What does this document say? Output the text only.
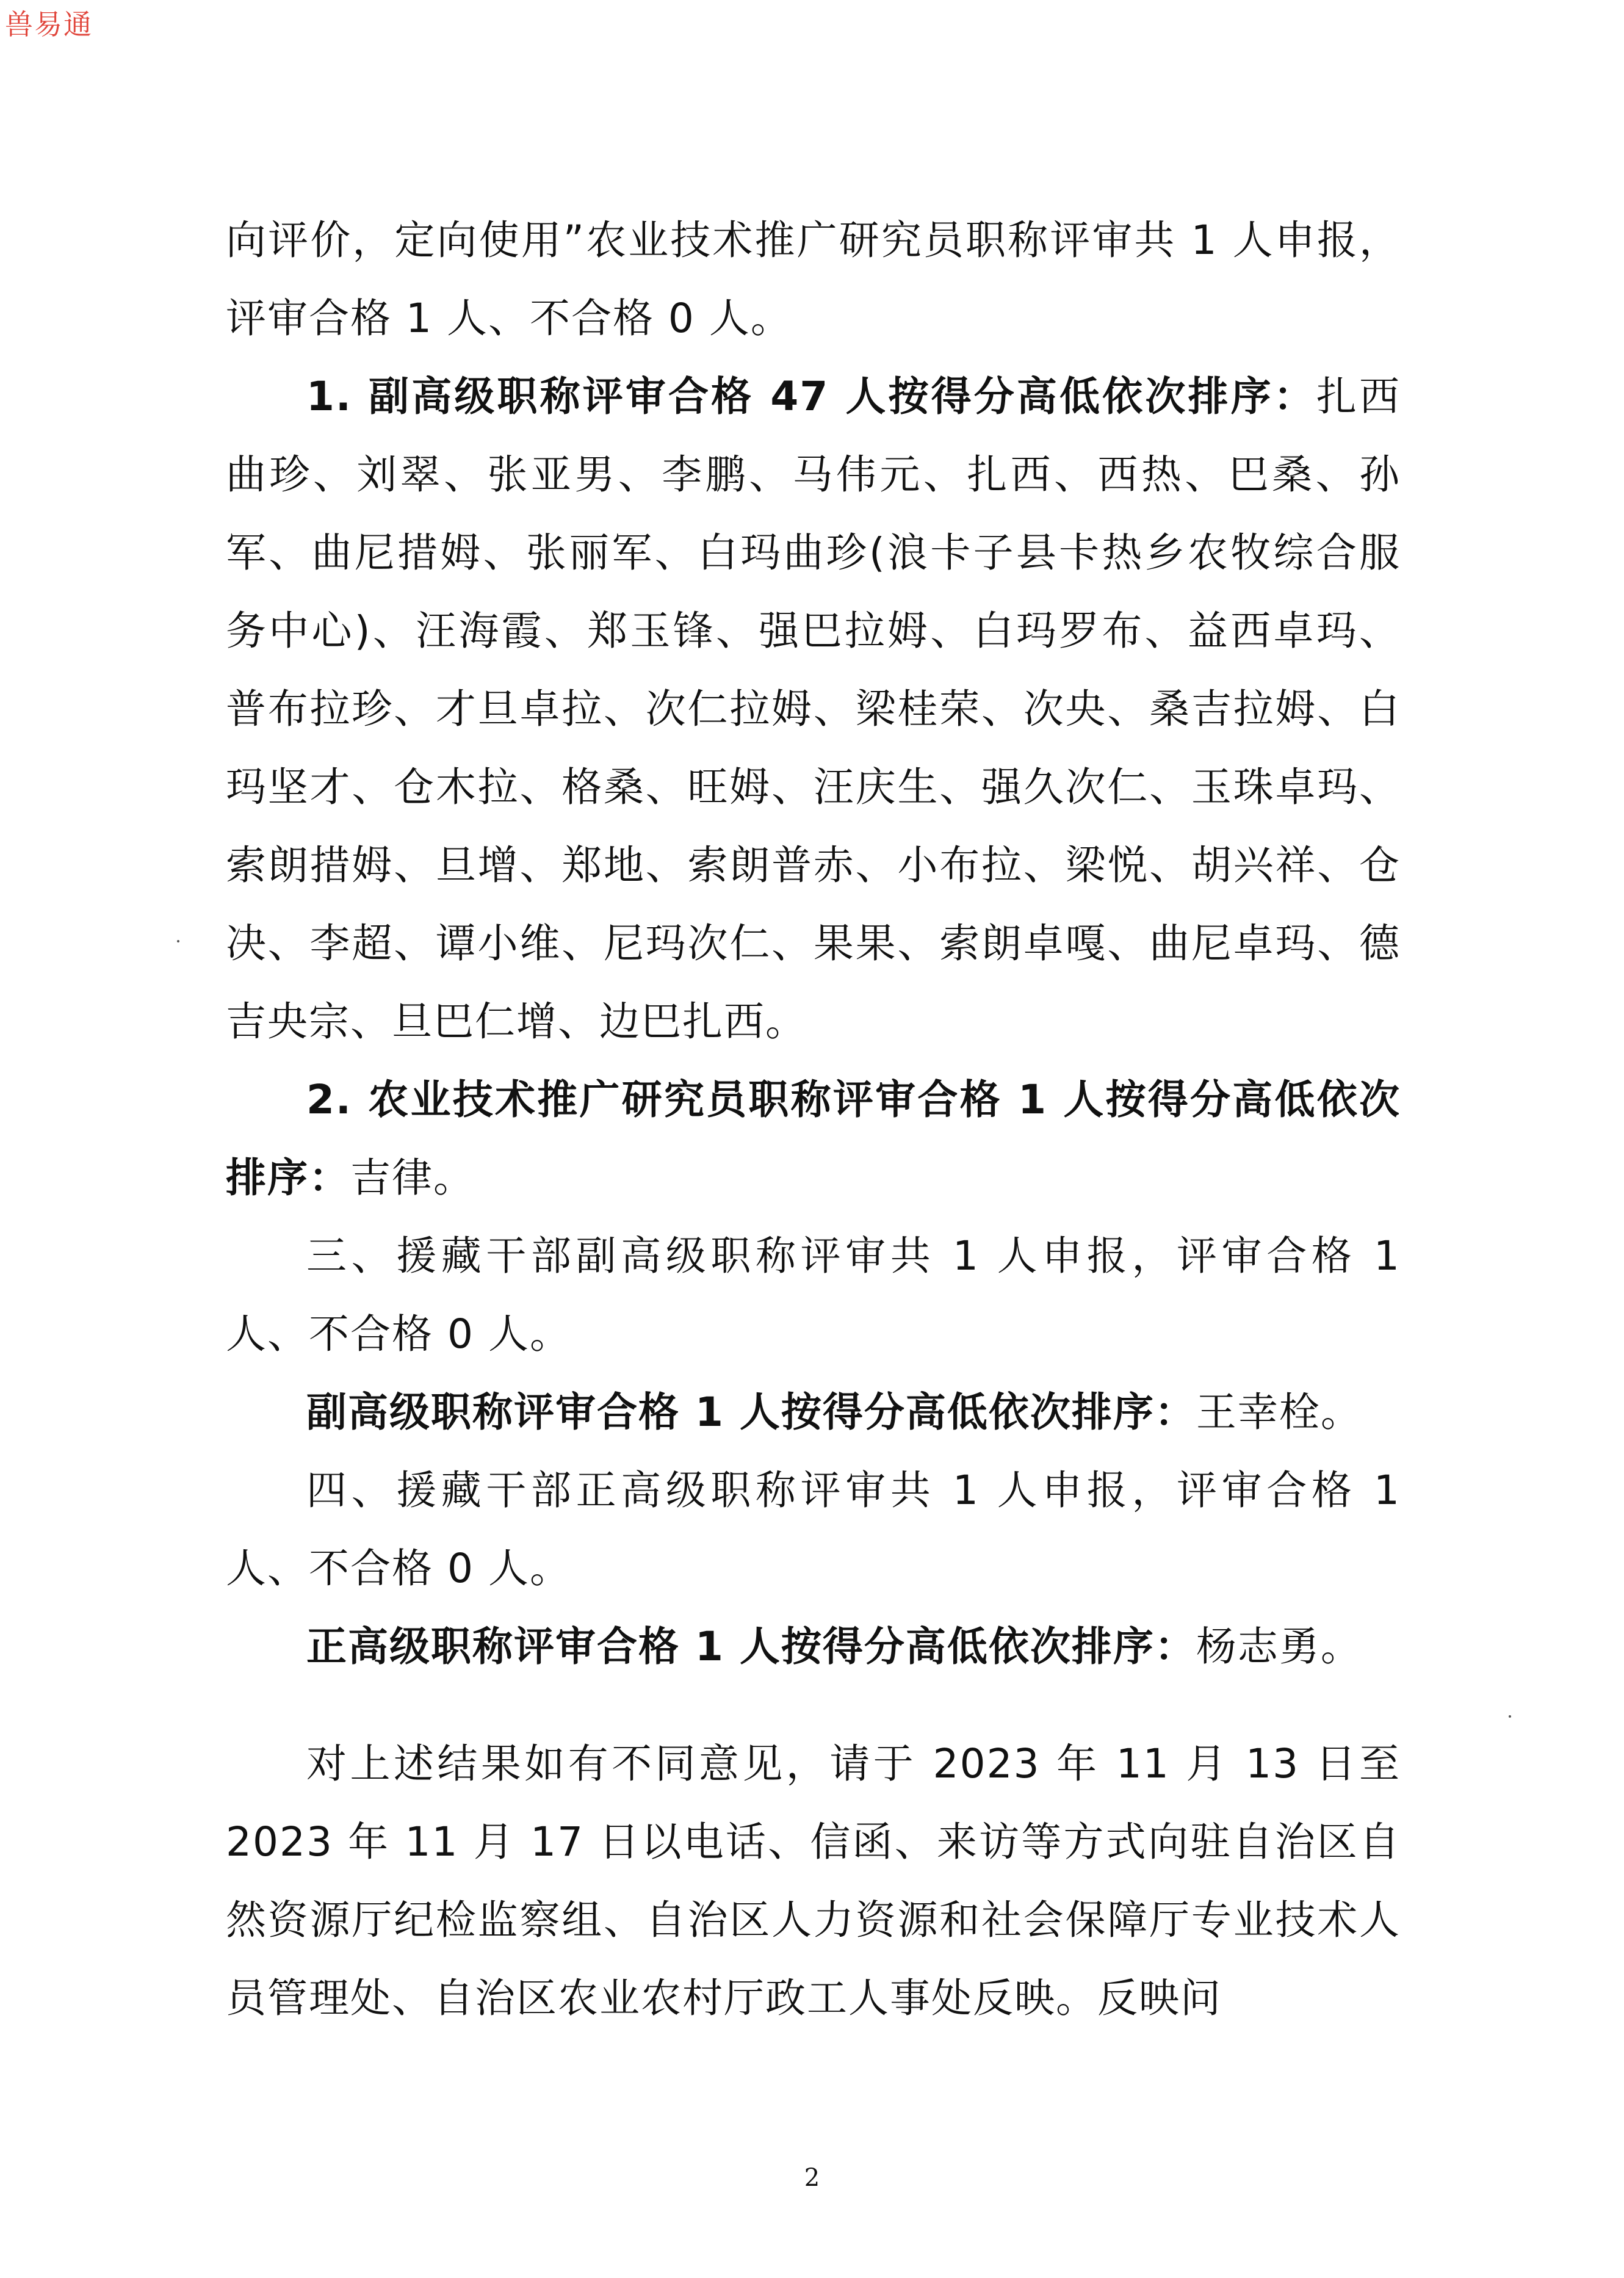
兽易通

向评价，定向使用”农业技术推广研究员职称评审共 1 人申报，评审合格 1 人、不合格 0 人。

1. 副高级职称评审合格 47 人按得分高低依次排序：扎西曲珍、刘翠、张亚男、李鹏、马伟元、扎西、西热、巴桑、孙军、曲尼措姆、张丽军、白玛曲珍(浪卡子县卡热乡农牧综合服务中心)、汪海霞、郑玉锋、强巴拉姆、白玛罗布、益西卓玛、普布拉珍、才旦卓拉、次仁拉姆、梁桂荣、次央、桑吉拉姆、白玛坚才、仓木拉、格桑、旺姆、汪庆生、强久次仁、玉珠卓玛、索朗措姆、旦增、郑地、索朗普赤、小布拉、梁悦、胡兴祥、仓决、李超、谭小维、尼玛次仁、果果、索朗卓嘎、曲尼卓玛、德吉央宗、旦巴仁增、边巴扎西。

2. 农业技术推广研究员职称评审合格 1 人按得分高低依次排序：吉律。

三、援藏干部副高级职称评审共 1 人申报，评审合格 1 人、不合格 0 人。

副高级职称评审合格 1 人按得分高低依次排序：王幸栓。

四、援藏干部正高级职称评审共 1 人申报，评审合格 1 人、不合格 0 人。

正高级职称评审合格 1 人按得分高低依次排序：杨志勇。

对上述结果如有不同意见，请于 2023 年 11 月 13 日至 2023 年 11 月 17 日以电话、信函、来访等方式向驻自治区自然资源厅纪检监察组、自治区人力资源和社会保障厅专业技术人员管理处、自治区农业农村厅政工人事处反映。反映问

2
